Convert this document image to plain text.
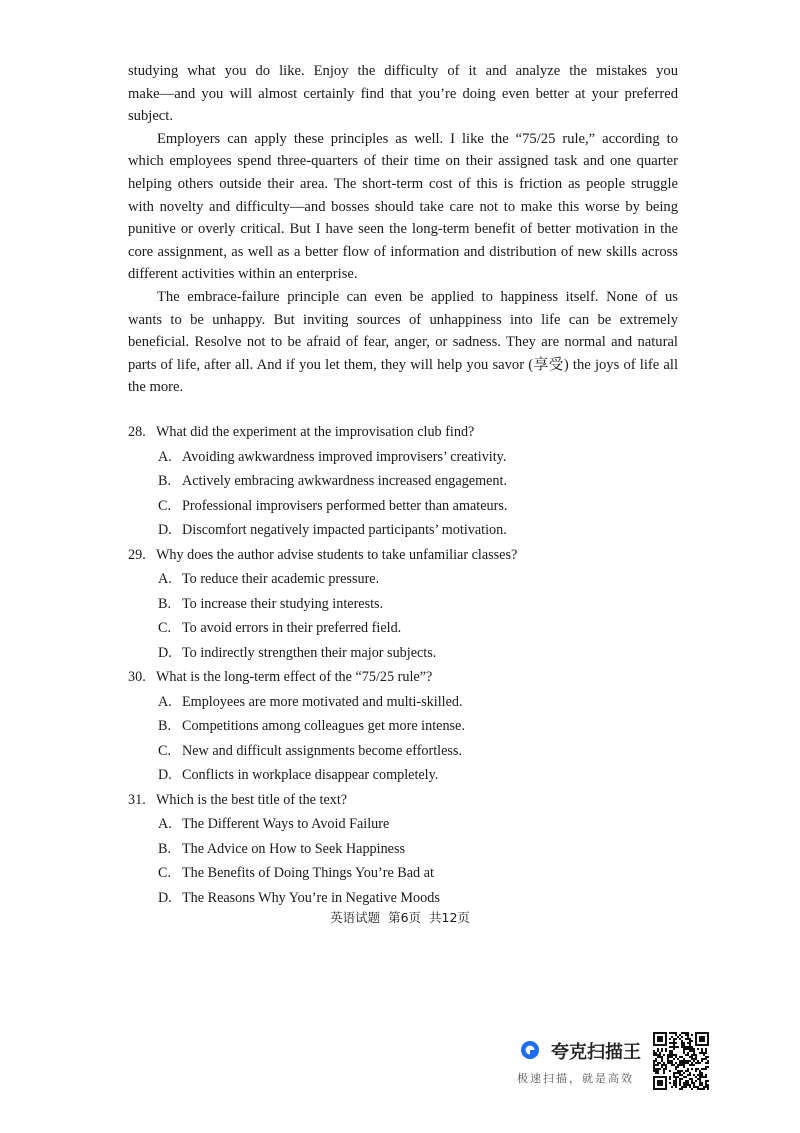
studying what you do like. Enjoy the difficulty of it and analyze the mistakes you
make—and you will almost certainly find that you’re doing even better at your preferred
subject.
Employers can apply these principles as well. I like the “75/25 rule,” according to
which employees spend three-quarters of their time on their assigned task and one quarter
helping others outside their area. The short-term cost of this is friction as people struggle
with novelty and difficulty—and bosses should take care not to make this worse by being
punitive or overly critical. But I have seen the long-term benefit of better motivation in the
core assignment, as well as a better flow of information and distribution of new skills across
different activities within an enterprise.
The embrace-failure principle can even be applied to happiness itself. None of us
wants to be unhappy. But inviting sources of unhappiness into life can be extremely
beneficial. Resolve not to be afraid of fear, anger, or sadness. They are normal and natural
parts of life, after all. And if you let them, they will help you savor (享受) the joys of life all
the more.
28. What did the experiment at the improvisation club find?
A. Avoiding awkwardness improved improvisers’ creativity.
B. Actively embracing awkwardness increased engagement.
C. Professional improvisers performed better than amateurs.
D. Discomfort negatively impacted participants’ motivation.
29. Why does the author advise students to take unfamiliar classes?
A. To reduce their academic pressure.
B. To increase their studying interests.
C. To avoid errors in their preferred field.
D. To indirectly strengthen their major subjects.
30. What is the long-term effect of the “75/25 rule”?
A. Employees are more motivated and multi-skilled.
B. Competitions among colleagues get more intense.
C. New and difficult assignments become effortless.
D. Conflicts in workplace disappear completely.
31. Which is the best title of the text?
A. The Different Ways to Avoid Failure
B. The Advice on How to Seek Happiness
C. The Benefits of Doing Things You’re Bad at
D. The Reasons Why You’re in Negative Moods
英语试题 第6页 共12页
夸克扫描王
极速扫描，就是高效
